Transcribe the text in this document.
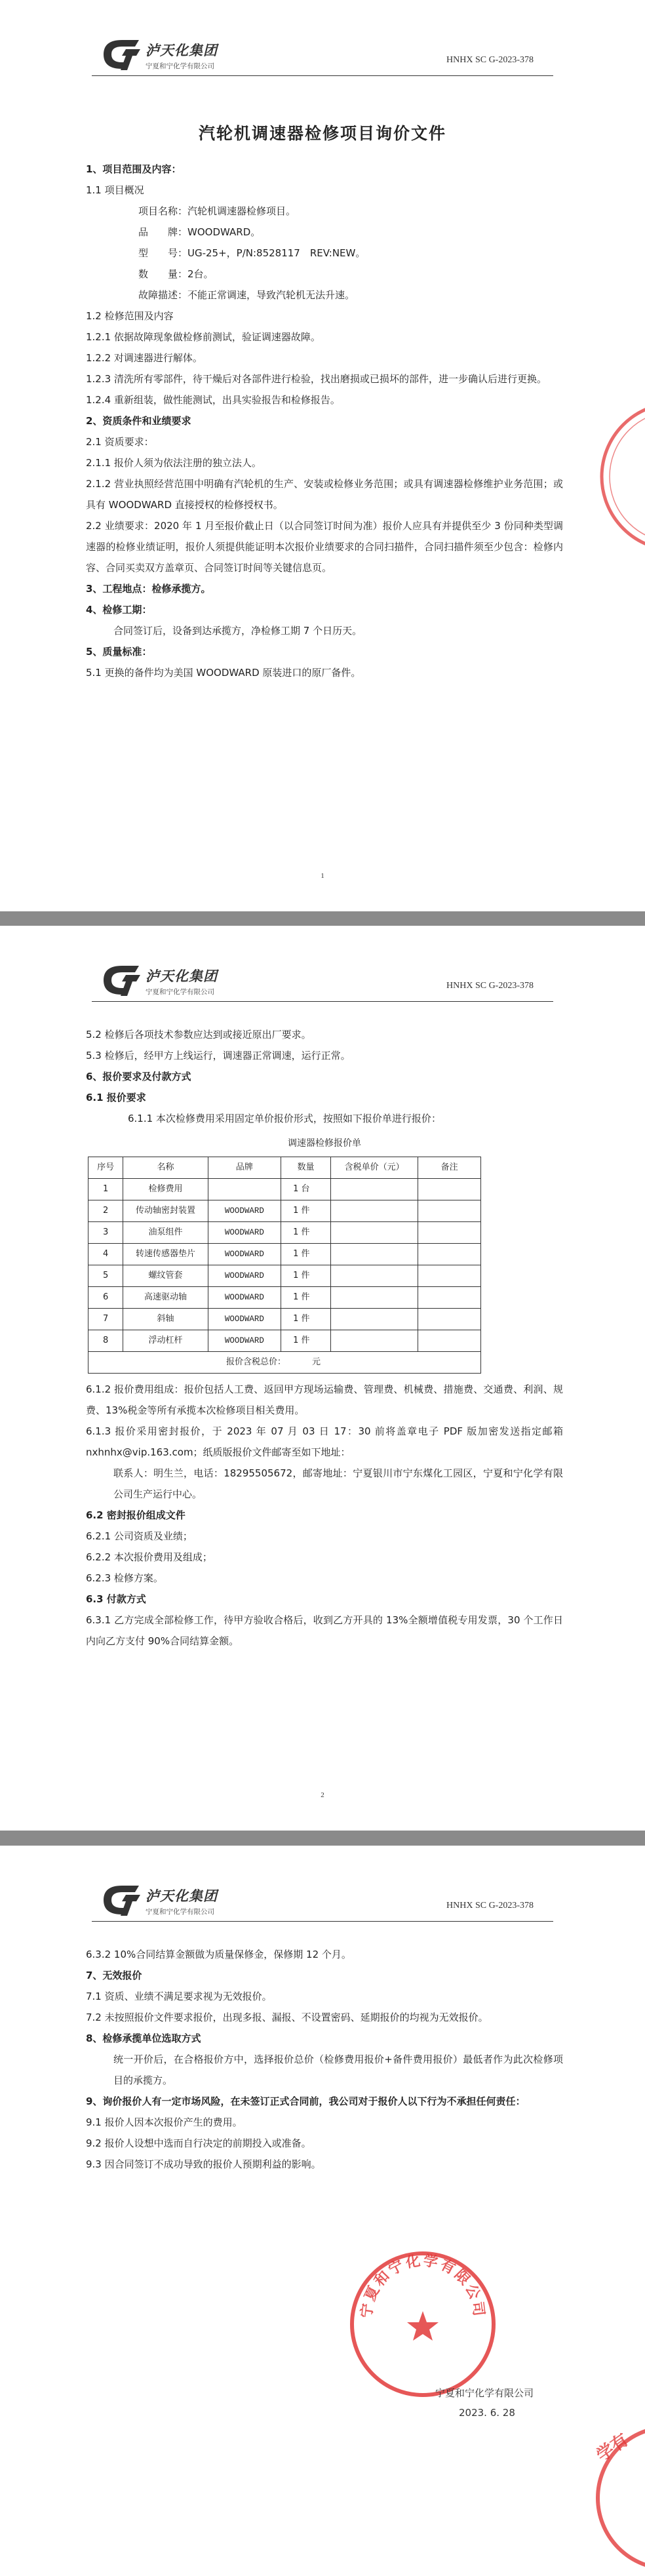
泸天化集团
宁夏和宁化学有限公司
HNHX SC G-2023-378
汽轮机调速器检修项目询价文件

1、项目范围及内容：

1.1 项目概况

项目名称：汽轮机调速器检修项目。

品　　牌：WOODWARD。

型　　号：UG-25+，P/N:8528117　REV:NEW。

数　　量：2台。

故障描述：不能正常调速，导致汽轮机无法升速。

1.2 检修范围及内容

1.2.1 依据故障现象做检修前测试，验证调速器故障。

1.2.2 对调速器进行解体。

1.2.3 清洗所有零部件，待干燥后对各部件进行检验，找出磨损或已损坏的部件，进一步确认后进行更换。

1.2.4 重新组装，做性能测试，出具实验报告和检修报告。

2、资质条件和业绩要求

2.1 资质要求：

2.1.1 报价人须为依法注册的独立法人。

2.1.2 营业执照经营范围中明确有汽轮机的生产、安装或检修业务范围；或具有调速器检修维护业务范围；或具有 WOODWARD 直接授权的检修授权书。

2.2 业绩要求：2020 年 1 月至报价截止日（以合同签订时间为准）报价人应具有并提供至少 3 份同种类型调速器的检修业绩证明，报价人须提供能证明本次报价业绩要求的合同扫描件，合同扫描件须至少包含：检修内容、合同买卖双方盖章页、合同签订时间等关键信息页。

3、工程地点：检修承揽方。

4、检修工期：

合同签订后，设备到达承揽方，净检修工期 7 个日历天。

5、质量标准：

5.1 更换的备件均为美国 WOODWARD 原装进口的原厂备件。

1
泸天化集团
宁夏和宁化学有限公司
HNHX SC G-2023-378

5.2 检修后各项技术参数应达到或接近原出厂要求。

5.3 检修后，经甲方上线运行，调速器正常调速，运行正常。

6、报价要求及付款方式

6.1 报价要求

6.1.1 本次检修费用采用固定单价报价形式，按照如下报价单进行报价：

调速器检修报价单
序号	名称	品牌	数量	含税单价（元）	备注
1	检修费用		1 台		
2	传动轴密封装置	WOODWARD	1 件		
3	油泵组件	WOODWARD	1 件		
4	转速传感器垫片	WOODWARD	1 件		
5	螺纹管套	WOODWARD	1 件		
6	高速驱动轴	WOODWARD	1 件		
7	斜轴	WOODWARD	1 件		
8	浮动杠杆	WOODWARD	1 件		
报价含税总价： 元					

6.1.2 报价费用组成：报价包括人工费、返回甲方现场运输费、管理费、机械费、措施费、交通费、利润、规费、13%税金等所有承揽本次检修项目相关费用。

6.1.3 报价采用密封报价，于 2023 年 07 月 03 日 17：30 前将盖章电子 PDF 版加密发送指定邮箱 nxhnhx@vip.163.com；纸质版报价文件邮寄至如下地址：

联系人：明生兰，电话：18295505672，邮寄地址：宁夏银川市宁东煤化工园区，宁夏和宁化学有限公司生产运行中心。

6.2 密封报价组成文件

6.2.1 公司资质及业绩；

6.2.2 本次报价费用及组成；

6.2.3 检修方案。

6.3 付款方式

6.3.1 乙方完成全部检修工作，待甲方验收合格后，收到乙方开具的 13%全额增值税专用发票，30 个工作日内向乙方支付 90%合同结算金额。

2
泸天化集团
宁夏和宁化学有限公司
HNHX SC G-2023-378

6.3.2 10%合同结算金额做为质量保修金，保修期 12 个月。

7、无效报价

7.1 资质、业绩不满足要求视为无效报价。

7.2 未按照报价文件要求报价，出现多报、漏报、不设置密码、延期报价的均视为无效报价。

8、检修承揽单位选取方式

统一开价后，在合格报价方中，选择报价总价（检修费用报价+备件费用报价）最低者作为此次检修项目的承揽方。

9、询价报价人有一定市场风险，在未签订正式合同前，我公司对于报价人以下行为不承担任何责任：

9.1 报价人因本次报价产生的费用。

9.2 报价人设想中选而自行决定的前期投入或准备。

9.3 因合同签订不成功导致的报价人预期利益的影响。

宁夏和宁化学有限公司
学有
宁夏和宁化学有限公司
2023. 6. 28
